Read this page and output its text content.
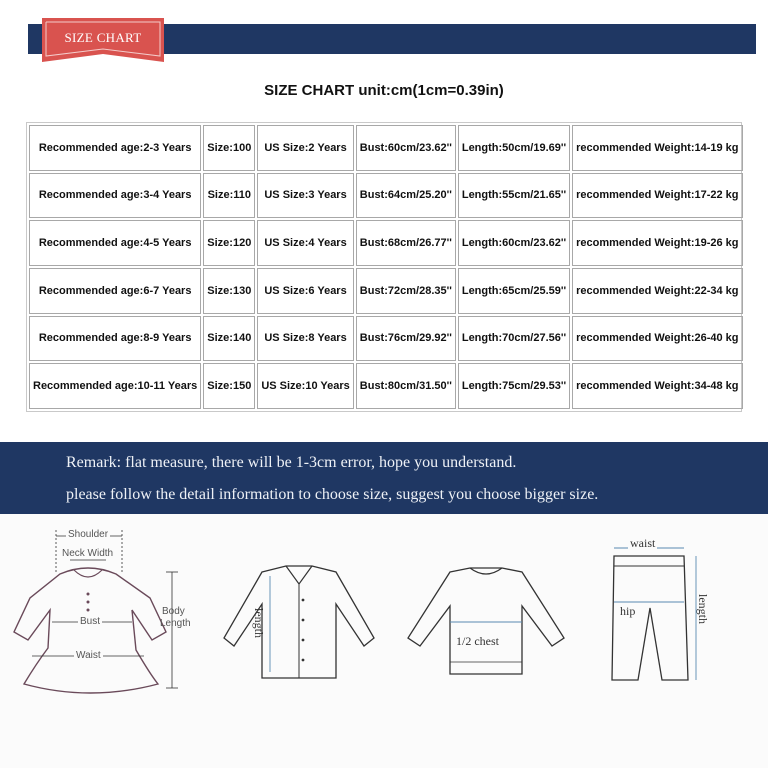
SIZE CHART
SIZE CHART unit:cm(1cm=0.39in)
Recommended age:2-3 Years	Size:100	US Size:2 Years	Bust:60cm/23.62''	Length:50cm/19.69''	recommended Weight:14-19 kg
Recommended age:3-4 Years	Size:110	US Size:3 Years	Bust:64cm/25.20''	Length:55cm/21.65''	recommended Weight:17-22 kg
Recommended age:4-5 Years	Size:120	US Size:4 Years	Bust:68cm/26.77''	Length:60cm/23.62''	recommended Weight:19-26 kg
Recommended age:6-7 Years	Size:130	US Size:6 Years	Bust:72cm/28.35''	Length:65cm/25.59''	recommended Weight:22-34 kg
Recommended age:8-9 Years	Size:140	US Size:8 Years	Bust:76cm/29.92''	Length:70cm/27.56''	recommended Weight:26-40 kg
Recommended age:10-11 Years	Size:150	US Size:10 Years	Bust:80cm/31.50''	Length:75cm/29.53''	recommended Weight:34-48 kg
Remark: flat measure, there will be 1-3cm error, hope you understand.
please follow the detail information to choose size, suggest you choose bigger size.
Shoulder
Neck Width
Bust
Waist
Body
Length	length
1/2 chest
waist
hip	length
